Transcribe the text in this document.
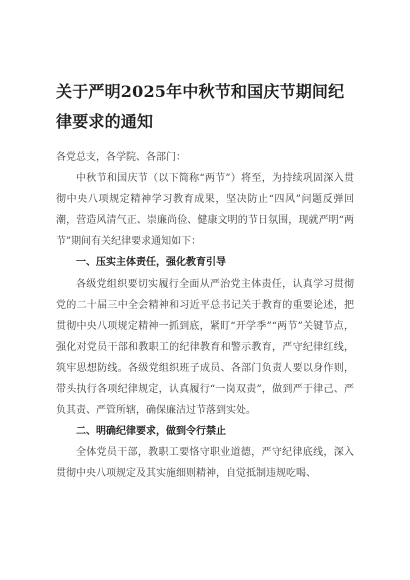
关于严明2025年中秋节和国庆节期间纪律要求的通知

各党总支，各学院、各部门：

中秋节和国庆节（以下简称“两节”）将至，为持续巩固深入贯彻中央八项规定精神学习教育成果，坚决防止“四风”问题反弹回潮，营造风清气正、崇廉尚俭、健康文明的节日氛围，现就严明“两节”期间有关纪律要求通知如下：

一、压实主体责任，强化教育引导

各级党组织要切实履行全面从严治党主体责任，认真学习贯彻党的二十届三中全会精神和习近平总书记关于教育的重要论述，把贯彻中央八项规定精神一抓到底，紧盯“开学季”“两节”关键节点，强化对党员干部和教职工的纪律教育和警示教育，严守纪律红线，筑牢思想防线。各级党组织班子成员、各部门负责人要以身作则，带头执行各项纪律规定，认真履行“一岗双责”，做到严于律己、严负其责、严管所辖，确保廉洁过节落到实处。

二、明确纪律要求，做到令行禁止

全体党员干部，教职工要恪守职业道德，严守纪律底线，深入贯彻中央八项规定及其实施细则精神，自觉抵制违规吃喝、
